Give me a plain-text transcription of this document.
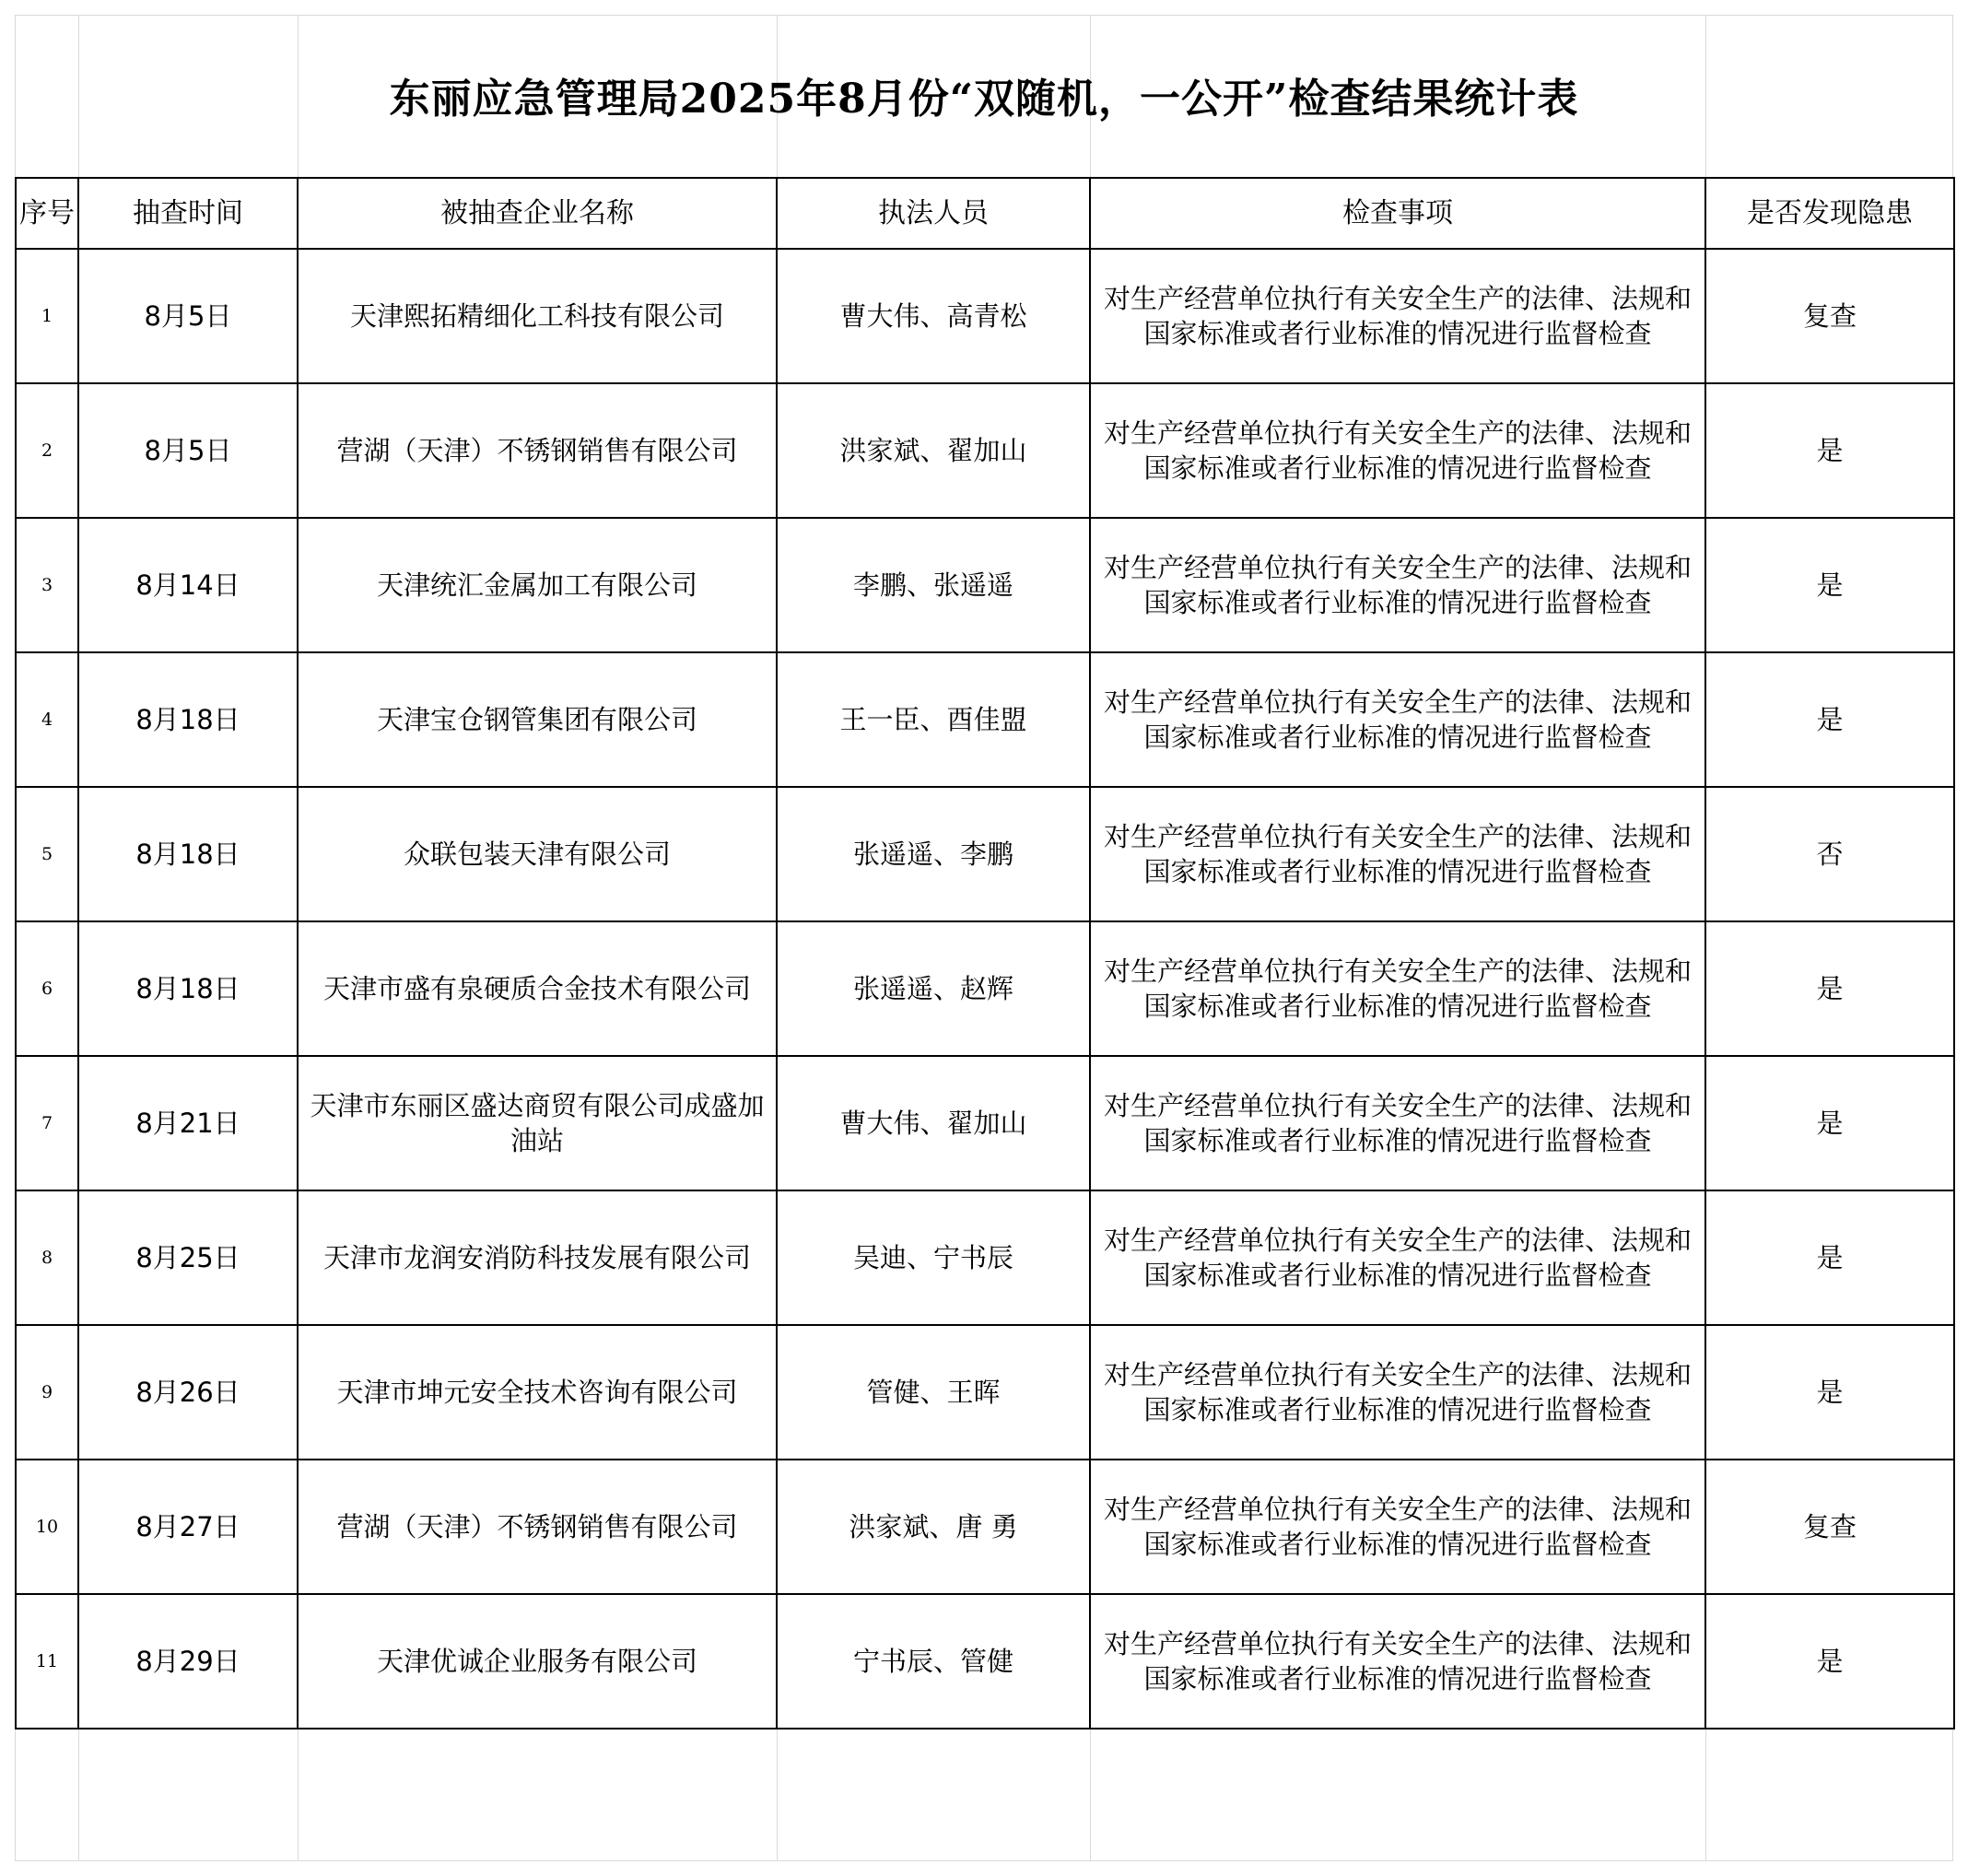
东丽应急管理局2025年8月份“双随机，一公开”检查结果统计表
序号	抽查时间	被抽查企业名称	执法人员	检查事项	是否发现隐患
1	8月5日	天津熙拓精细化工科技有限公司	曹大伟、高青松	对生产经营单位执行有关安全生产的法律、法规和国家标准或者行业标准的情况进行监督检查	复查
2	8月5日	营湖（天津）不锈钢销售有限公司	洪家斌、翟加山	对生产经营单位执行有关安全生产的法律、法规和国家标准或者行业标准的情况进行监督检查	是
3	8月14日	天津统汇金属加工有限公司	李鹏、张遥遥	对生产经营单位执行有关安全生产的法律、法规和国家标准或者行业标准的情况进行监督检查	是
4	8月18日	天津宝仓钢管集团有限公司	王一臣、酉佳盟	对生产经营单位执行有关安全生产的法律、法规和国家标准或者行业标准的情况进行监督检查	是
5	8月18日	众联包装天津有限公司	张遥遥、李鹏	对生产经营单位执行有关安全生产的法律、法规和国家标准或者行业标准的情况进行监督检查	否
6	8月18日	天津市盛有泉硬质合金技术有限公司	张遥遥、赵辉	对生产经营单位执行有关安全生产的法律、法规和国家标准或者行业标准的情况进行监督检查	是
7	8月21日	天津市东丽区盛达商贸有限公司成盛加油站	曹大伟、翟加山	对生产经营单位执行有关安全生产的法律、法规和国家标准或者行业标准的情况进行监督检查	是
8	8月25日	天津市龙润安消防科技发展有限公司	吴迪、宁书辰	对生产经营单位执行有关安全生产的法律、法规和国家标准或者行业标准的情况进行监督检查	是
9	8月26日	天津市坤元安全技术咨询有限公司	管健、王晖	对生产经营单位执行有关安全生产的法律、法规和国家标准或者行业标准的情况进行监督检查	是
10	8月27日	营湖（天津）不锈钢销售有限公司	洪家斌、唐 勇	对生产经营单位执行有关安全生产的法律、法规和国家标准或者行业标准的情况进行监督检查	复查
11	8月29日	天津优诚企业服务有限公司	宁书辰、管健	对生产经营单位执行有关安全生产的法律、法规和国家标准或者行业标准的情况进行监督检查	是
